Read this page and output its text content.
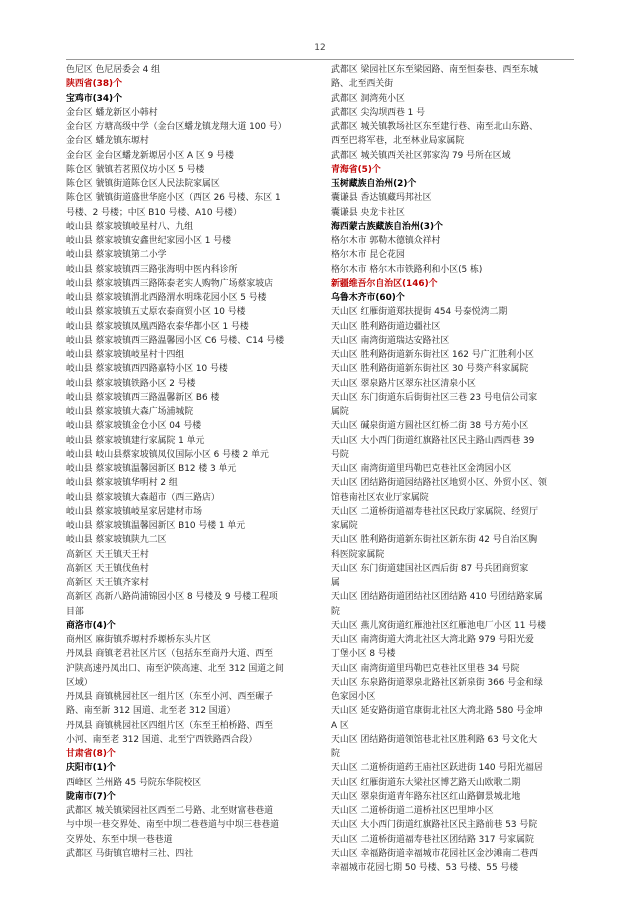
12
色尼区 色尼居委会 4 组
陕西省(38)个
宝鸡市(34)个
金台区 蟠龙新区小韩村
金台区 方塘高级中学（金台区蟠龙镇龙翔大道 100 号）
金台区 蟠龙镇东塬村
金台区 金台区蟠龙新塬居小区 A 区 9 号楼
陈仓区 虢镇若茗照仪坊小区 5 号楼
陈仓区 虢镇街道陈仓区人民法院家属区
陈仓区 虢镇街道盛世华庭小区（西区 26 号楼、东区 1
号楼、2 号楼；中区 B10 号楼、A10 号楼）
岐山县 蔡家坡镇岐星村八、九组
岐山县 蔡家坡镇安鑫世纪家园小区 1 号楼
岐山县 蔡家坡镇第二小学
岐山县 蔡家坡镇西三路张海明中医内科诊所
岐山县 蔡家坡镇西三路陈泰老实人购物广场蔡家坡店
岐山县 蔡家坡镇渭北西路渭水明珠花园小区 5 号楼
岐山县 蔡家坡镇五丈原农泰商贸小区 10 号楼
岐山县 蔡家坡镇凤凰西路农泰华都小区 1 号楼
岐山县 蔡家坡镇西三路温馨园小区 C6 号楼、C14 号楼
岐山县 蔡家坡镇岐星村十四组
岐山县 蔡家坡镇西四路嘉特小区 10 号楼
岐山县 蔡家坡镇铁路小区 2 号楼
岐山县 蔡家坡镇西三路温馨新区 B6 楼
岐山县 蔡家坡镇大森广场浦城院
岐山县 蔡家坡镇金仓小区 04 号楼
岐山县 蔡家坡镇建行家属院 1 单元
岐山县 岐山县蔡家坡镇凤仪国际小区 6 号楼 2 单元
岐山县 蔡家坡镇温馨园新区 B12 楼 3 单元
岐山县 蔡家坡镇华明村 2 组
岐山县 蔡家坡镇大森超市（西三路店）
岐山县 蔡家坡镇岐星家居建材市场
岐山县 蔡家坡镇温馨园新区 B10 号楼 1 单元
岐山县 蔡家坡镇陕九二区
高新区 天王镇天王村
高新区 天王镇伐鱼村
高新区 天王镇齐家村
高新区 高新八路尚浦锦园小区 8 号楼及 9 号楼工程项
目部
商洛市(4)个
商州区 麻街镇乔塬村乔塬桥东头片区
丹凤县 商镇老君社区片区（包括东至商丹大道、西至
沪陕高速丹凤出口、南至沪陕高速、北至 312 国道之间
区域）
丹凤县 商镇桃园社区一组片区（东至小河、西至碾子
路、南至新 312 国道、北至老 312 国道）
丹凤县 商镇桃园社区四组片区（东至王柏桥路、西至
小河、南至老 312 国道、北至宁西铁路西合段）
甘肃省(8)个
庆阳市(1)个
西峰区 兰州路 45 号院东华院校区
陇南市(7)个
武都区 城关镇梁园社区西至二号路、北至财富巷巷道
与中坝一巷交界处、南至中坝二巷巷道与中坝三巷巷道
交界处、东至中坝一巷巷道
武都区 马街镇官塘村三社、四社
武都区 梁园社区东至梁园路、南至恒泰巷、西至东城
路、北至西关街
武都区 洞湾苑小区
武都区 尖沟坝西巷 1 号
武都区 城关镇教场社区东至建行巷、南至北山东路、
西至巴将军巷，北至林业局家属院
武都区 城关镇西关社区郭家沟 79 号所在区域
青海省(5)个
玉树藏族自治州(2)个
囊谦县 香达镇藏玛邦社区
囊谦县 央龙卡社区
海西蒙古族藏族自治州(3)个
格尔木市 郭勒木德镇众祥村
格尔木市 昆仑花园
格尔木市 格尔木市铁路利和小区(5 栋)
新疆维吾尔自治区(146)个
乌鲁木齐市(60)个
天山区 红雁街道郑扶提街 454 号泰悦湾二期
天山区 胜利路街道边疆社区
天山区 南湾街道瑞达安路社区
天山区 胜利路街道新东街社区 162 号广汇胜利小区
天山区 胜利路街道新东街社区 30 号葵产科家属院
天山区 翠泉路片区翠东社区清泉小区
天山区 东门街道东后街街社区三巷 23 号电信公司家
属院
天山区 碱泉街道方圆社区红桥二街 38 号方苑小区
天山区 大小西门街道红旗路社区民主路山西西巷 39
号院
天山区 南湾街道里玛勒巴克巷社区金湾园小区
天山区 团结路街道园结路社区地贸小区、外贸小区、领
馆巷南社区农业厅家属院
天山区 二道桥街道福寿巷社区民政厅家属院、经贸厅
家属院
天山区 胜利路街道新东街社区新东街 42 号自治区胸
科医院家属院
天山区 东门街道建国社区西后街 87 号兵团商贸家
属
天山区 团结路街道团结社区团结路 410 号团结路家属
院
天山区 燕儿窝街道红雁池社区红雁池电厂小区 11 号楼
天山区 南湾街道大湾北社区大湾北路 979 号阳光爱
丁堡小区 8 号楼
天山区 南湾街道里玛勒巴克巷社区里巷 34 号院
天山区 东泉路街道翠泉北路社区新泉街 366 号金和绿
色家园小区
天山区 延安路街道官康街北社区大湾北路 580 号金坤
A 区
天山区 团结路街道领馆巷北社区胜利路 63 号文化大
院
天山区 二道桥街道药王庙社区跃进街 140 号阳光福居
天山区 红雁街道东大梁社区博艺路天山欧歌二期
天山区 翠泉街道青年路东社区红山路御景城北地
天山区 二道桥街道二道桥社区巴里坤小区
天山区 大小西门街道红旗路社区民主路前巷 53 号院
天山区 二道桥街道福寿巷社区团结路 317 号家属院
天山区 幸福路街道幸福城市花园社区金沙滩南二巷西
幸福城市花园七期 50 号楼、53 号楼、55 号楼
